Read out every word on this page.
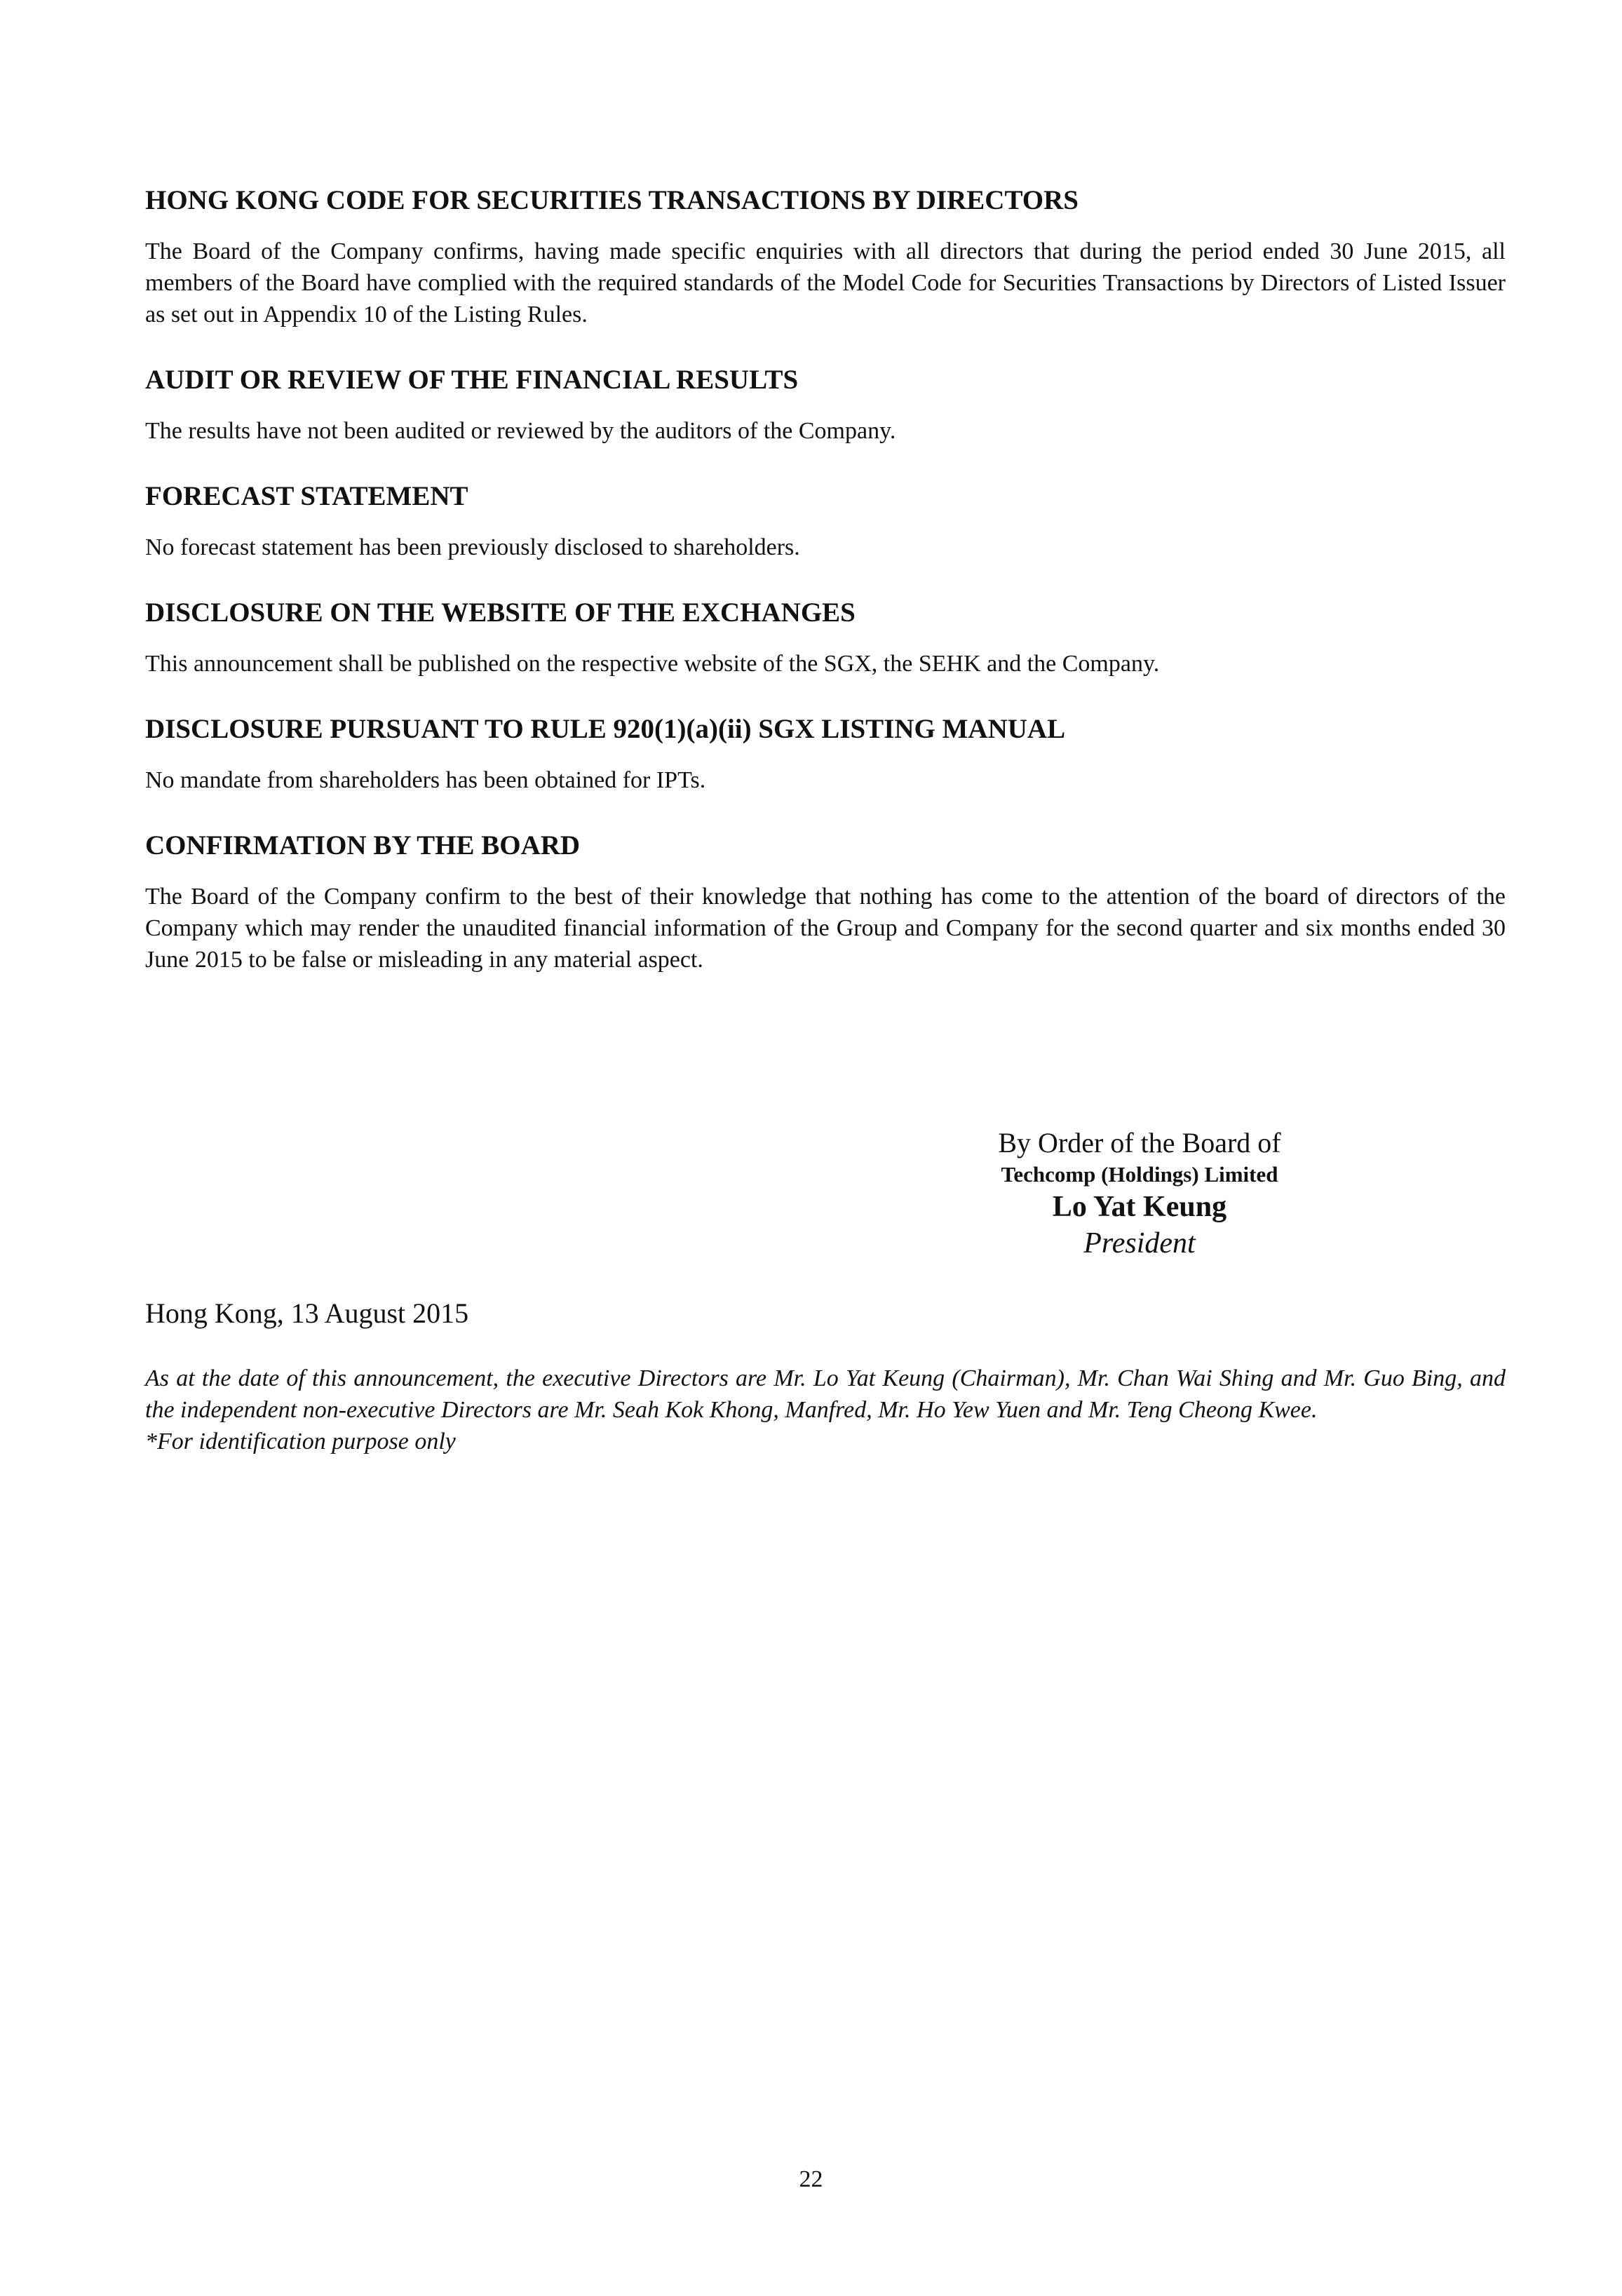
HONG KONG CODE FOR SECURITIES TRANSACTIONS BY DIRECTORS

The Board of the Company confirms, having made specific enquiries with all directors that during the period ended 30 June 2015, all members of the Board have complied with the required standards of the Model Code for Securities Transactions by Directors of Listed Issuer as set out in Appendix 10 of the Listing Rules.

AUDIT OR REVIEW OF THE FINANCIAL RESULTS

The results have not been audited or reviewed by the auditors of the Company.

FORECAST STATEMENT

No forecast statement has been previously disclosed to shareholders.

DISCLOSURE ON THE WEBSITE OF THE EXCHANGES

This announcement shall be published on the respective website of the SGX, the SEHK and the Company.

DISCLOSURE PURSUANT TO RULE 920(1)(a)(ii) SGX LISTING MANUAL

No mandate from shareholders has been obtained for IPTs.

CONFIRMATION BY THE BOARD

The Board of the Company confirm to the best of their knowledge that nothing has come to the attention of the board of directors of the Company which may render the unaudited financial information of the Group and Company for the second quarter and six months ended 30 June 2015 to be false or misleading in any material aspect.

By Order of the Board of
Techcomp (Holdings) Limited
Lo Yat Keung
President
Hong Kong, 13 August 2015

As at the date of this announcement, the executive Directors are Mr. Lo Yat Keung (Chairman), Mr. Chan Wai Shing and Mr. Guo Bing, and the independent non-executive Directors are Mr. Seah Kok Khong, Manfred, Mr. Ho Yew Yuen and Mr. Teng Cheong Kwee.

*For identification purpose only

22
